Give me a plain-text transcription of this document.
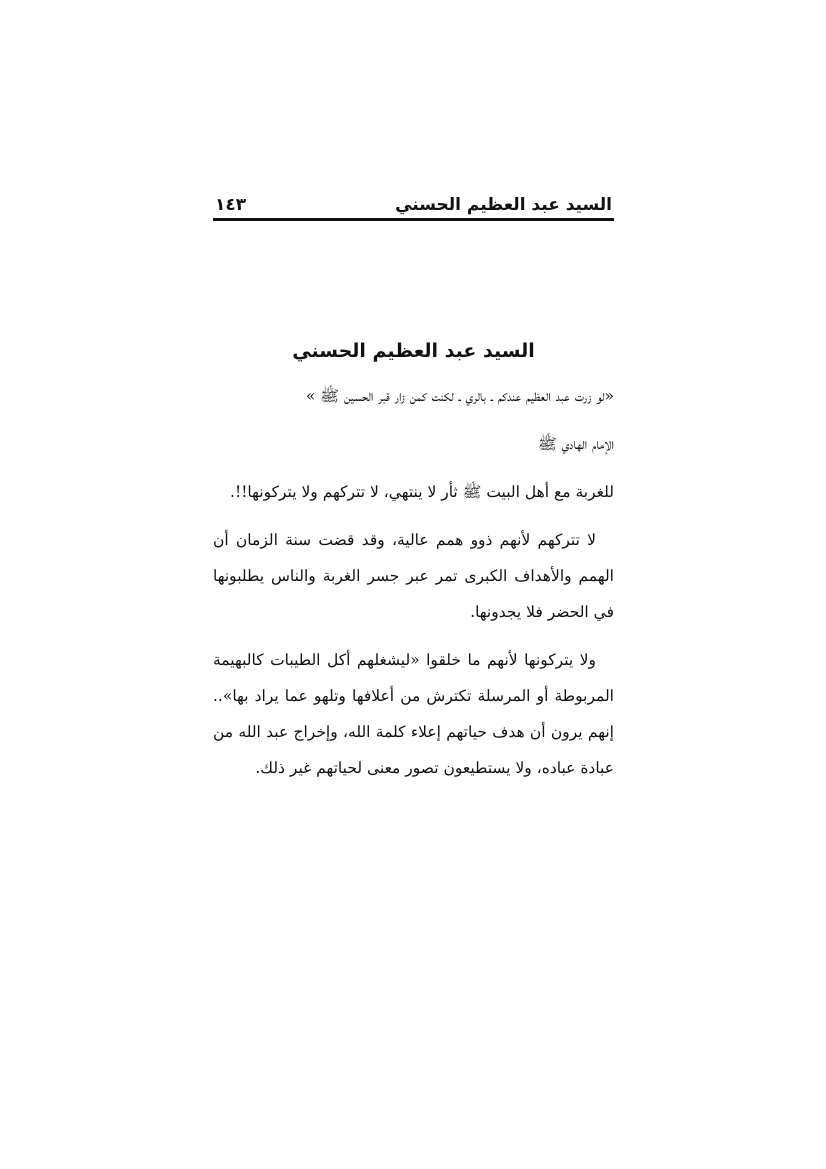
السيد عبد العظيم الحسني
١٤٣
السيد عبد العظيم الحسني

«لو زرت عبد العظيم عندكم ـ بالري ـ لكنت كمن زار قبر الحسين ﷺ »

الإمام الهادي ﷺ

للغربة مع أهل البيت ﷺ ثأر لا ينتهي، لا تتركهم ولا يتركونها!!.

لا تتركهم لأنهم ذوو همم عالية، وقد قضت سنة الزمان أن الهمم والأهداف الكبرى تمر عبر جسر الغربة والناس يطلبونها في الحضر فلا يجدونها.

ولا يتركونها لأنهم ما خلقوا «ليشغلهم أكل الطيبات كالبهيمة المربوطة أو المرسلة تكترش من أعلافها وتلهو عما يراد بها».. إنهم يرون أن هدف حياتهم إعلاء كلمة الله، وإخراج عبد الله من عبادة عباده، ولا يستطيعون تصور معنى لحياتهم غير ذلك.
